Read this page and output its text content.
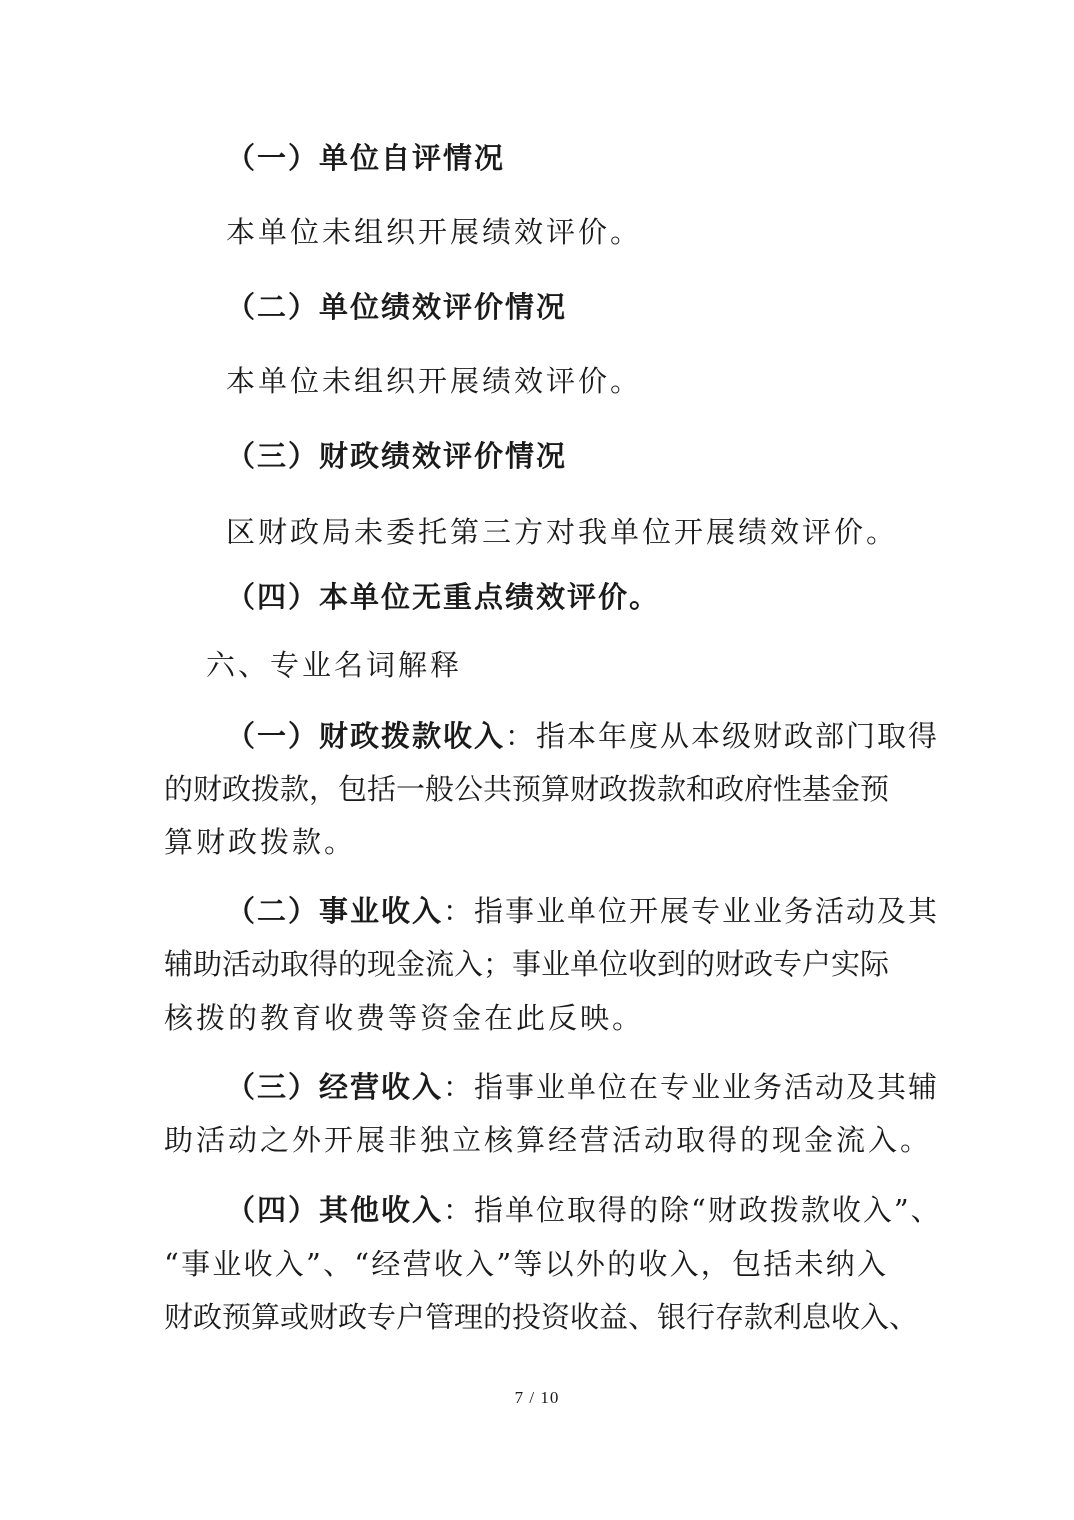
（一）单位自评情况
本单位未组织开展绩效评价。
（二）单位绩效评价情况
本单位未组织开展绩效评价。
（三）财政绩效评价情况
区财政局未委托第三方对我单位开展绩效评价。
（四）本单位无重点绩效评价。
六、专业名词解释
（一）财政拨款收入：指本年度从本级财政部门取得
的财政拨款，包括一般公共预算财政拨款和政府性基金预
算财政拨款。
（二）事业收入：指事业单位开展专业业务活动及其
辅助活动取得的现金流入；事业单位收到的财政专户实际
核拨的教育收费等资金在此反映。
（三）经营收入：指事业单位在专业业务活动及其辅
助活动之外开展非独立核算经营活动取得的现金流入。
（四）其他收入：指单位取得的除“财政拨款收入”、
“事业收入”、“经营收入”等以外的收入，包括未纳入
财政预算或财政专户管理的投资收益、银行存款利息收入、
7 / 10
